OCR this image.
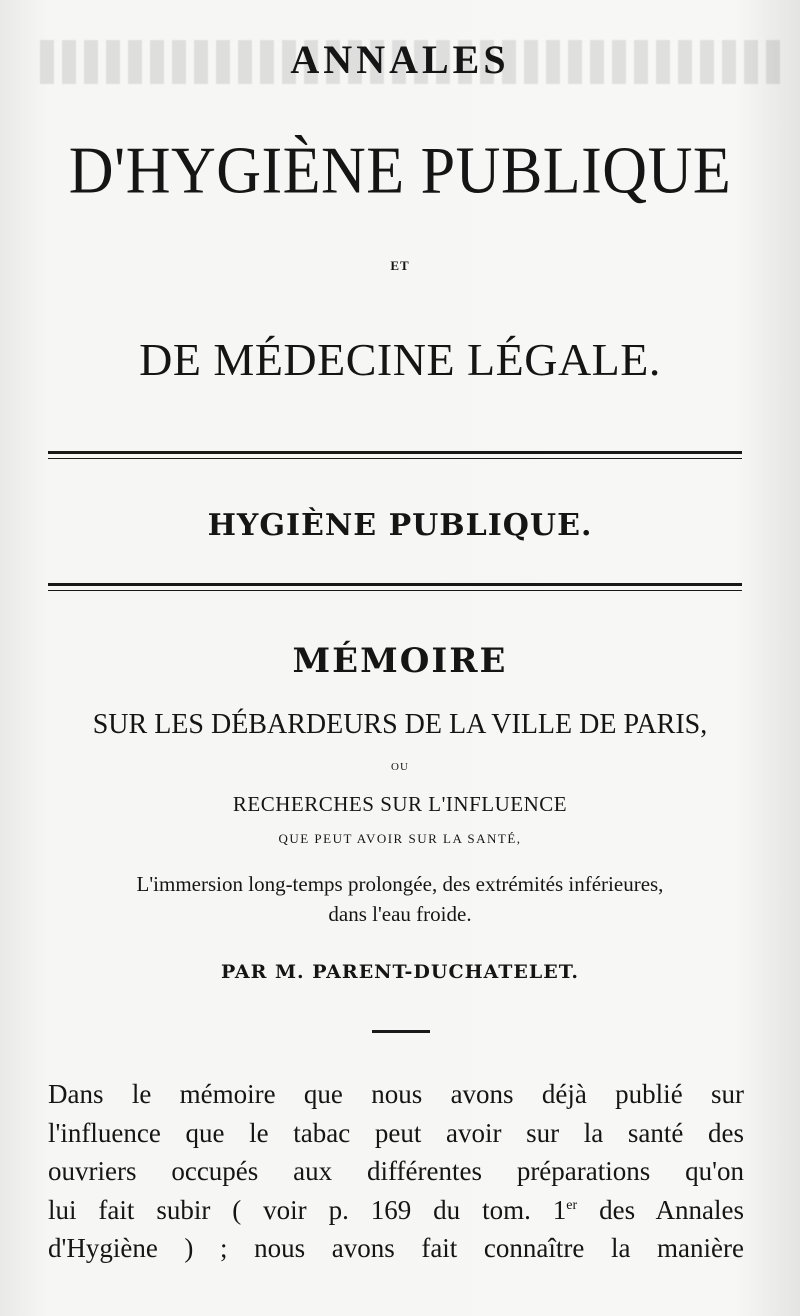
ANNALES
D'HYGIÈNE PUBLIQUE
ET
DE MÉDECINE LÉGALE.
HYGIÈNE PUBLIQUE.
MÉMOIRE
SUR LES DÉBARDEURS DE LA VILLE DE PARIS,
OU
RECHERCHES SUR L'INFLUENCE
QUE PEUT AVOIR SUR LA SANTÉ,
L'immersion long-temps prolongée, des extrémités inférieures,
dans l'eau froide.
PAR M. PARENT-DUCHATELET.
Dans le mémoire que nous avons déjà publié sur
l'influence que le tabac peut avoir sur la santé des
ouvriers occupés aux différentes préparations qu'on
lui fait subir ( voir p. 169 du tom. 1er des Annales
d'Hygiène ) ; nous avons fait connaître la manière
